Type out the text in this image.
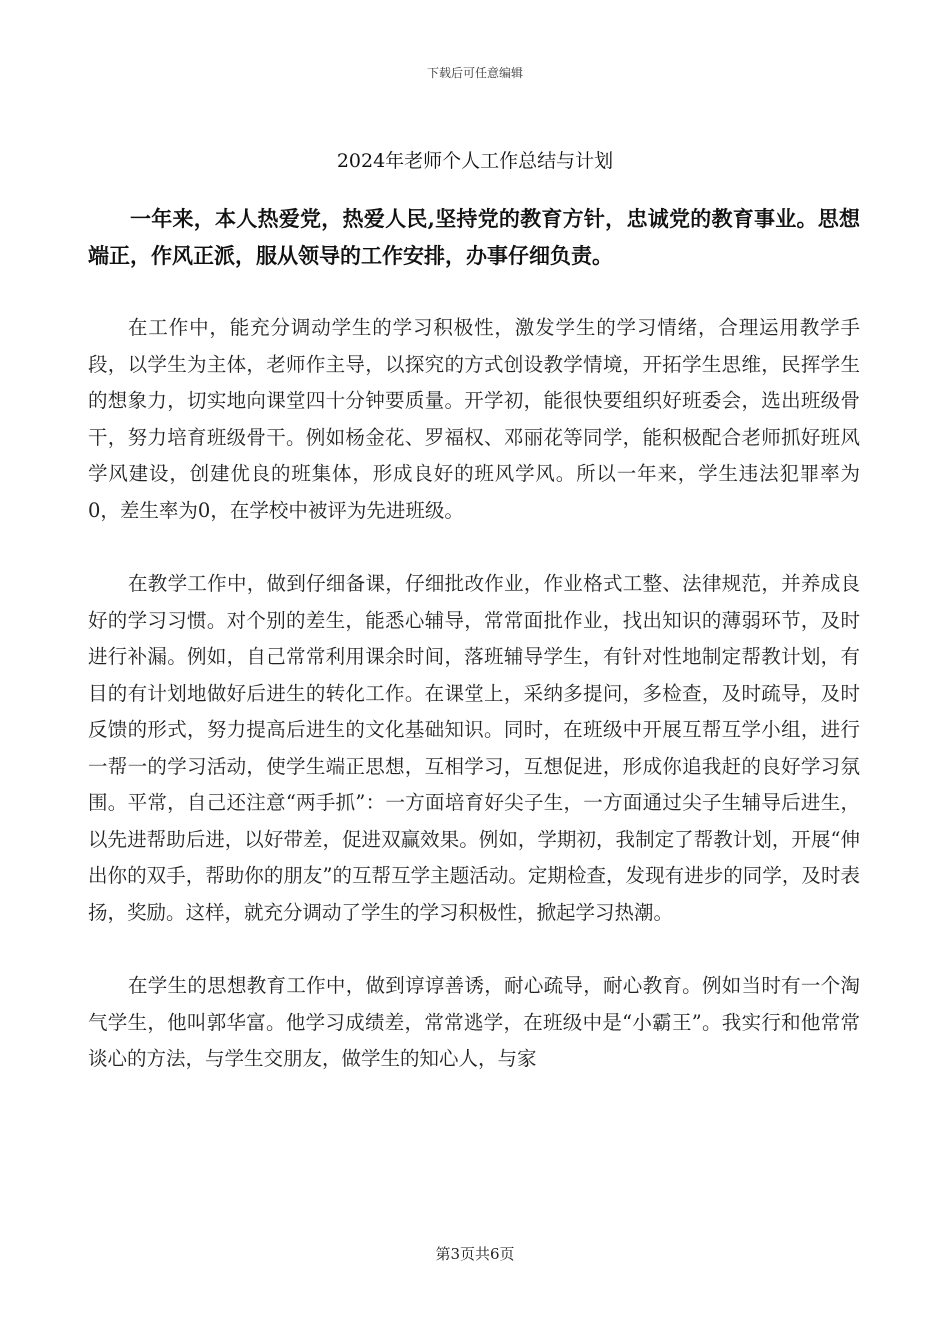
下载后可任意编辑
2024年老师个人工作总结与计划

一年来，本人热爱党，热爱人民,坚持党的教育方针，忠诚党的教育事业。思想端正，作风正派，服从领导的工作安排，办事仔细负责。

在工作中，能充分调动学生的学习积极性，激发学生的学习情绪，合理运用教学手段，以学生为主体，老师作主导，以探究的方式创设教学情境，开拓学生思维，民挥学生的想象力，切实地向课堂四十分钟要质量。开学初，能很快要组织好班委会，选出班级骨干，努力培育班级骨干。例如杨金花、罗福权、邓丽花等同学，能积极配合老师抓好班风学风建设，创建优良的班集体，形成良好的班风学风。所以一年来，学生违法犯罪率为0，差生率为0，在学校中被评为先进班级。

在教学工作中，做到仔细备课，仔细批改作业，作业格式工整、法律规范，并养成良好的学习习惯。对个别的差生，能悉心辅导，常常面批作业，找出知识的薄弱环节，及时进行补漏。例如，自己常常利用课余时间，落班辅导学生，有针对性地制定帮教计划，有目的有计划地做好后进生的转化工作。在课堂上，采纳多提问，多检查，及时疏导，及时反馈的形式，努力提高后进生的文化基础知识。同时，在班级中开展互帮互学小组，进行一帮一的学习活动，使学生端正思想，互相学习，互想促进，形成你追我赶的良好学习氛围。平常，自己还注意“两手抓”：一方面培育好尖子生，一方面通过尖子生辅导后进生，以先进帮助后进，以好带差，促进双赢效果。例如，学期初，我制定了帮教计划，开展“伸出你的双手，帮助你的朋友”的互帮互学主题活动。定期检查，发现有进步的同学，及时表扬，奖励。这样，就充分调动了学生的学习积极性，掀起学习热潮。

在学生的思想教育工作中，做到谆谆善诱，耐心疏导，耐心教育。例如当时有一个淘气学生，他叫郭华富。他学习成绩差，常常逃学，在班级中是“小霸王”。我实行和他常常谈心的方法，与学生交朋友，做学生的知心人，与家

第3页共6页
